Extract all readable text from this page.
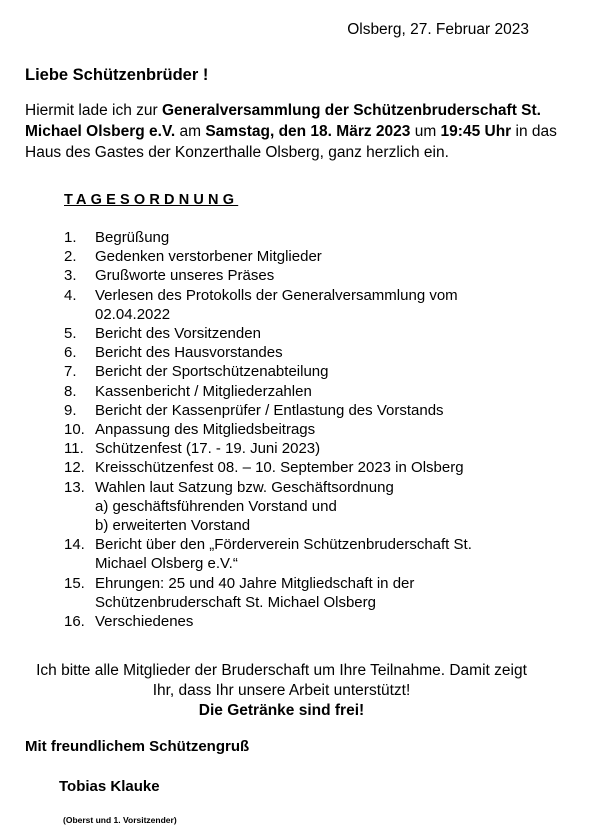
Olsberg, 27. Februar 2023
Liebe Schützenbrüder !
Hiermit lade ich zur Generalversammlung der Schützenbruderschaft St. Michael Olsberg e.V. am Samstag, den 18. März 2023 um 19:45 Uhr in das Haus des Gastes der Konzerthalle Olsberg, ganz herzlich ein.
TAGESORDNUNG
1.	Begrüßung
2.	Gedenken verstorbener Mitglieder
3.	Grußworte unseres Präses
4.	Verlesen des Protokolls der Generalversammlung vom
02.04.2022
5.	Bericht des Vorsitzenden
6.	Bericht des Hausvorstandes
7.	Bericht der Sportschützenabteilung
8.	Kassenbericht / Mitgliederzahlen
9.	Bericht der Kassenprüfer / Entlastung des Vorstands
10. Anpassung des Mitgliedsbeitrags
11. Schützenfest (17. - 19. Juni 2023)
12. Kreisschützenfest 08. – 10. September 2023 in Olsberg
13. Wahlen laut Satzung bzw. Geschäftsordnung
a) geschäftsführenden Vorstand und
b) erweiterten Vorstand
14. Bericht über den „Förderverein Schützenbruderschaft St.
Michael Olsberg e.V.“
15. Ehrungen: 25 und 40 Jahre Mitgliedschaft in der
Schützenbruderschaft St. Michael Olsberg
16. Verschiedenes
Ich bitte alle Mitglieder der Bruderschaft um Ihre Teilnahme. Damit zeigt
Ihr, dass Ihr unsere Arbeit unterstützt!
Die Getränke sind frei!
Mit freundlichem Schützengruß
Tobias Klauke
(Oberst und 1. Vorsitzender)
